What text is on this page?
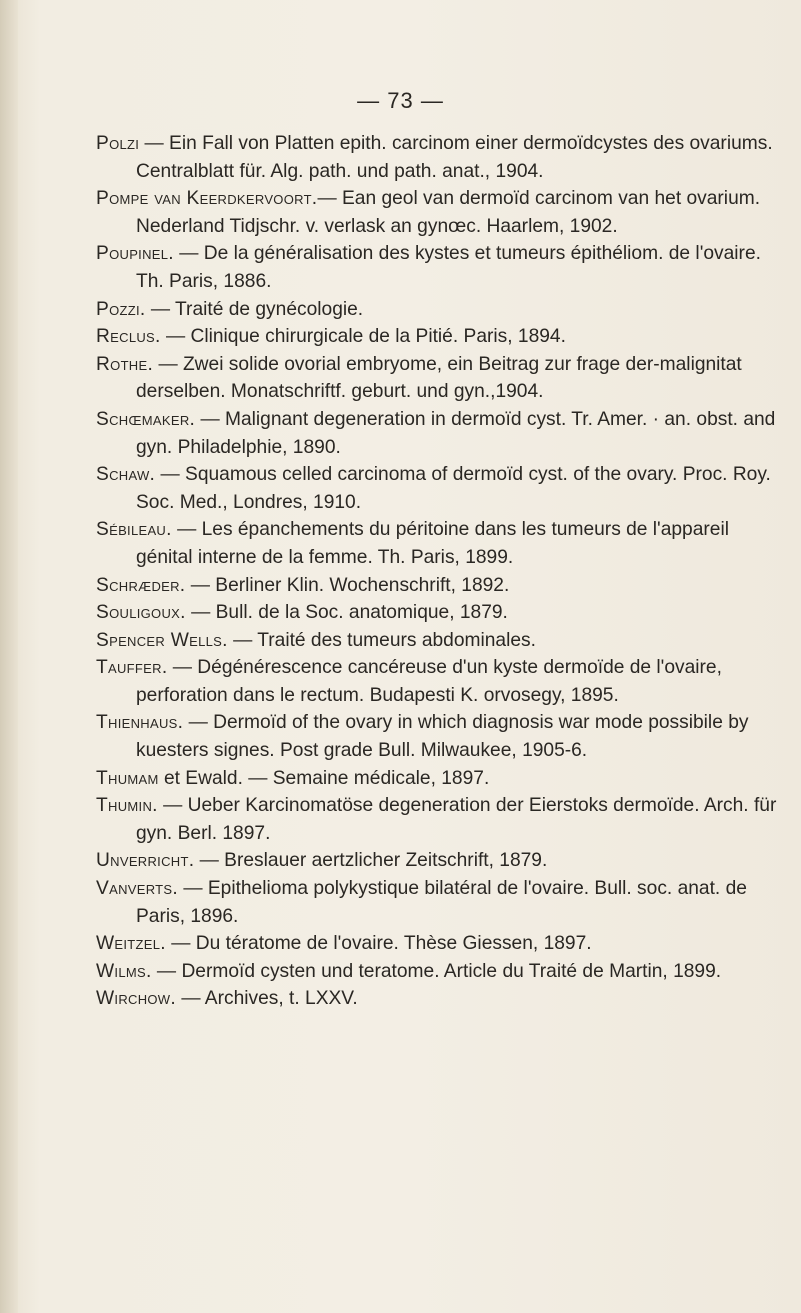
— 73 —

Polzi — Ein Fall von Platten epith. carcinom einer dermoïdcystes des ovariums. Centralblatt für. Alg. path. und path. anat., 1904.

Pompe van Keerdkervoort.— Ean geol van dermoïd carcinom van het ovarium. Nederland Tidjschr. v. verlask an gynœc. Haarlem, 1902.

Poupinel. — De la généralisation des kystes et tumeurs épithéliom. de l'ovaire. Th. Paris, 1886.

Pozzi. — Traité de gynécologie.

Reclus. — Clinique chirurgicale de la Pitié. Paris, 1894.

Rothe. — Zwei solide ovorial embryome, ein Beitrag zur frage der-malignitat derselben. Monatschriftf. geburt. und gyn.,1904.

Schœmaker. — Malignant degeneration in dermoïd cyst. Tr. Amer. · an. obst. and gyn. Philadelphie, 1890.

Schaw. — Squamous celled carcinoma of dermoïd cyst. of the ovary. Proc. Roy. Soc. Med., Londres, 1910.

Sébileau. — Les épanchements du péritoine dans les tumeurs de l'appareil génital interne de la femme. Th. Paris, 1899.

Schræder. — Berliner Klin. Wochenschrift, 1892.

Souligoux. — Bull. de la Soc. anatomique, 1879.

Spencer Wells. — Traité des tumeurs abdominales.

Tauffer. — Dégénérescence cancéreuse d'un kyste dermoïde de l'ovaire, perforation dans le rectum. Budapesti K. orvosegy, 1895.

Thienhaus. — Dermoïd of the ovary in which diagnosis war mode possibile by kuesters signes. Post grade Bull. Milwaukee, 1905-6.

Thumam et Ewald. — Semaine médicale, 1897.

Thumin. — Ueber Karcinomatöse degeneration der Eierstoks dermoïde. Arch. für gyn. Berl. 1897.

Unverricht. — Breslauer aertzlicher Zeitschrift, 1879.

Vanverts. — Epithelioma polykystique bilatéral de l'ovaire. Bull. soc. anat. de Paris, 1896.

Weitzel. — Du tératome de l'ovaire. Thèse Giessen, 1897.

Wilms. — Dermoïd cysten und teratome. Article du Traité de Martin, 1899.

Wirchow. — Archives, t. LXXV.
